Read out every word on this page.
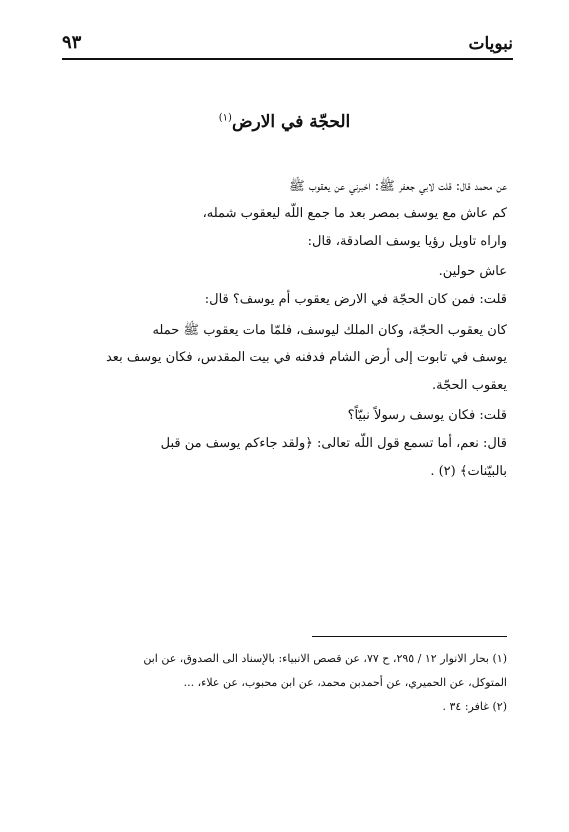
نبويات
٩٣
الحجّة في الارض$^{(١)}$
عن محمد قال: قلت لابي جعفر ﷺ: اخبرني عن يعقوب ﷺ
كم عاش مع يوسف بمصر بعد ما جمع اللّه ليعقوب شمله،
واراه تاويل رؤيا يوسف الصادقة، قال:
عاش حولين.
قلت: فمن كان الحجّة في الارض يعقوب أم يوسف؟ قال:
كان يعقوب الحجّة، وكان الملك ليوسف، فلمّا مات يعقوب ﷺ حمله
يوسف في تابوت إلى أرض الشام فدفنه في بيت المقدس، فكان يوسف بعد
يعقوب الحجّة.
قلت: فكان يوسف رسولاً نبيّاً؟
قال: نعم، أما تسمع قول اللّه تعالى: ﴿ولقد جاءكم يوسف من قبل
بالبيّنات﴾ (٢) .
(١) بحار الانوار ١٢ / ٢٩٥، ح ٧٧، عن قصص الانبياء: بالإسناد الى الصدوق، عن ابن
المتوكل، عن الحميري، عن أحمدبن محمد، عن ابن محبوب، عن علاء، ...
(٢) غافر: ٣٤ .
